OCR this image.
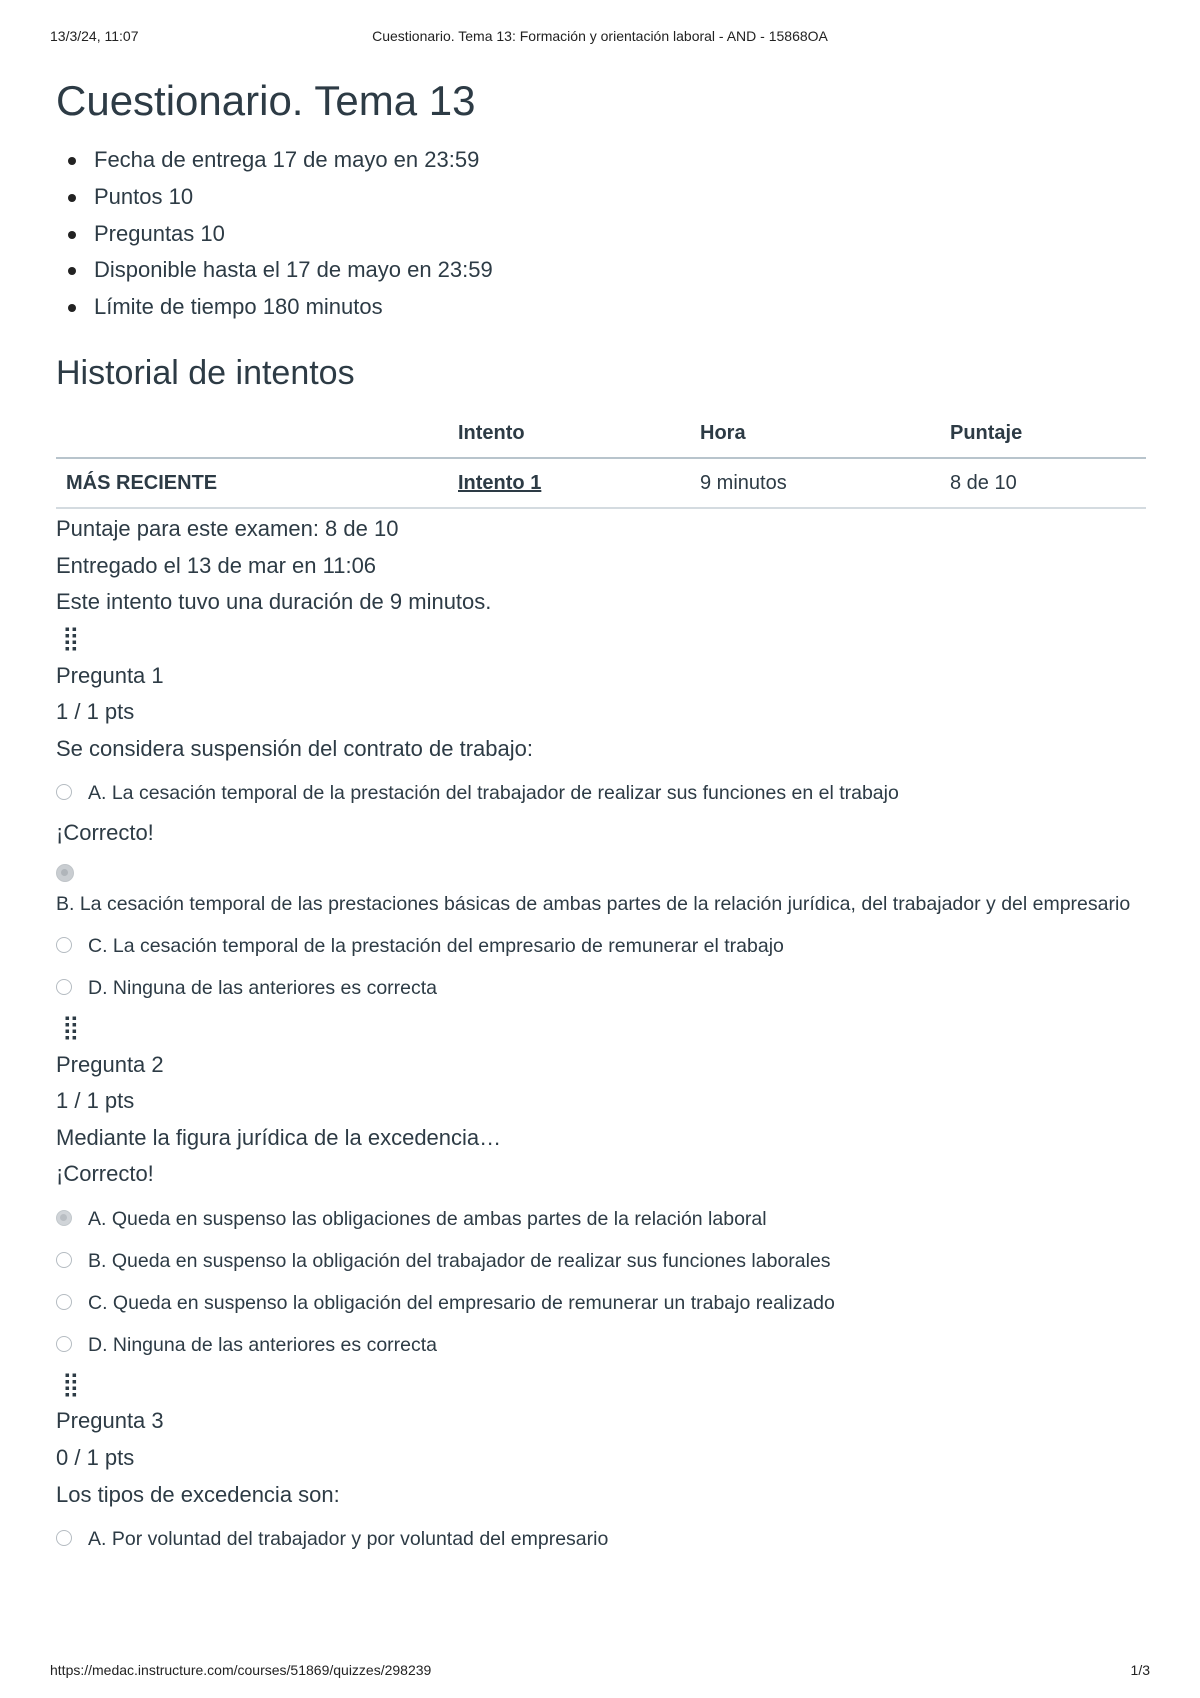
13/3/24, 11:07	Cuestionario. Tema 13: Formación y orientación laboral - AND - 15868OA
Cuestionario. Tema 13
Fecha de entrega 17 de mayo en 23:59
Puntos 10
Preguntas 10
Disponible hasta el 17 de mayo en 23:59
Límite de tiempo 180 minutos
Historial de intentos
	Intento	Hora	Puntaje
MÁS RECIENTE	Intento 1	9 minutos	8 de 10
Puntaje para este examen: 8 de 10
Entregado el 13 de mar en 11:06
Este intento tuvo una duración de 9 minutos.
⣿
Pregunta 1
1 / 1 pts
Se considera suspensión del contrato de trabajo:
A. La cesación temporal de la prestación del trabajador de realizar sus funciones en el trabajo
¡Correcto!
B. La cesación temporal de las prestaciones básicas de ambas partes de la relación jurídica, del trabajador y del empresario
C. La cesación temporal de la prestación del empresario de remunerar el trabajo
D. Ninguna de las anteriores es correcta
⣿
Pregunta 2
1 / 1 pts
Mediante la figura jurídica de la excedencia…
¡Correcto!
A. Queda en suspenso las obligaciones de ambas partes de la relación laboral
B. Queda en suspenso la obligación del trabajador de realizar sus funciones laborales
C. Queda en suspenso la obligación del empresario de remunerar un trabajo realizado
D. Ninguna de las anteriores es correcta
⣿
Pregunta 3
0 / 1 pts
Los tipos de excedencia son:
A. Por voluntad del trabajador y por voluntad del empresario
https://medac.instructure.com/courses/51869/quizzes/298239	1/3
